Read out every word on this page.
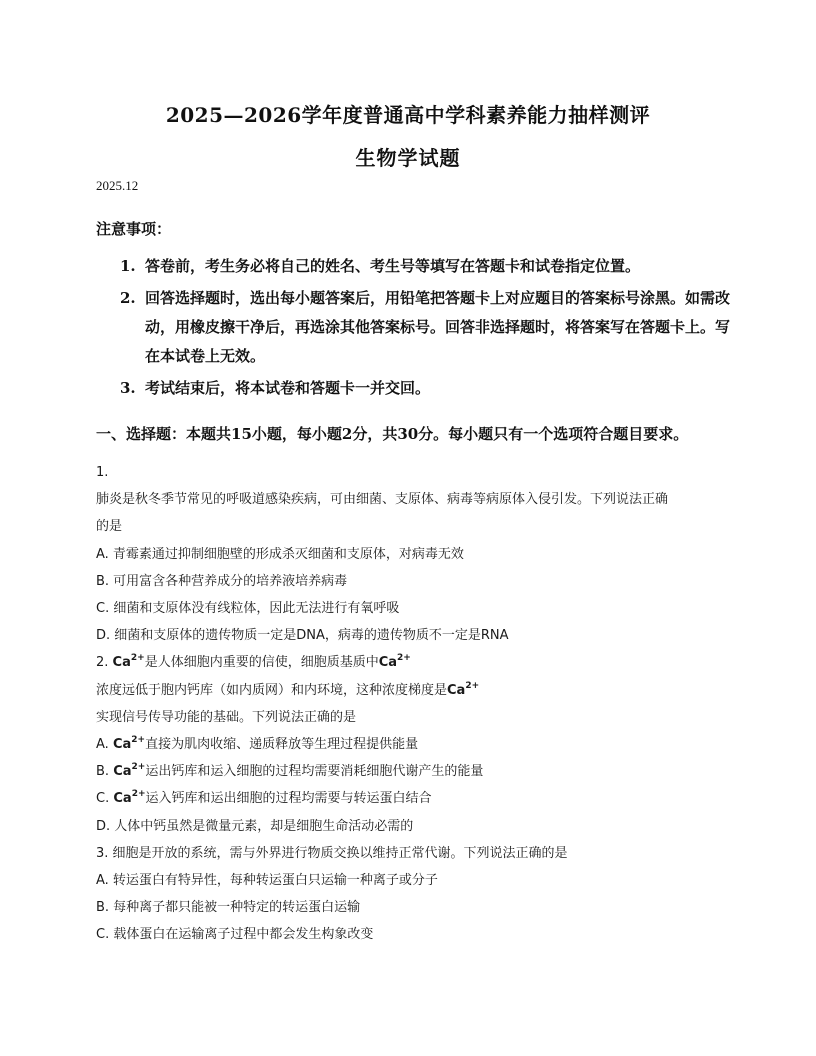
2025—2026学年度普通高中学科素养能力抽样测评
生物学试题
2025.12
注意事项：
1. 答卷前，考生务必将自己的姓名、考生号等填写在答题卡和试卷指定位置。
2. 回答选择题时，选出每小题答案后，用铅笔把答题卡上对应题目的答案标号涂黑。如需改动，用橡皮擦干净后，再选涂其他答案标号。回答非选择题时，将答案写在答题卡上。写在本试卷上无效。
3. 考试结束后，将本试卷和答题卡一并交回。
一、选择题：本题共15小题，每小题2分，共30分。每小题只有一个选项符合题目要求。
1.
肺炎是秋冬季节常见的呼吸道感染疾病，可由细菌、支原体、病毒等病原体入侵引发。下列说法正确
的是
A. 青霉素通过抑制细胞壁的形成杀灭细菌和支原体，对病毒无效
B. 可用富含各种营养成分的培养液培养病毒
C. 细菌和支原体没有线粒体，因此无法进行有氧呼吸
D. 细菌和支原体的遗传物质一定是DNA，病毒的遗传物质不一定是RNA
2. $Ca^{2+}$是人体细胞内重要的信使，细胞质基质中$Ca^{2+}$
浓度远低于胞内钙库（如内质网）和内环境，这种浓度梯度是$Ca^{2+}$
实现信号传导功能的基础。下列说法正确的是
A. $Ca^{2+}$直接为肌肉收缩、递质释放等生理过程提供能量
B. $Ca^{2+}$运出钙库和运入细胞的过程均需要消耗细胞代谢产生的能量
C. $Ca^{2+}$运入钙库和运出细胞的过程均需要与转运蛋白结合
D. 人体中钙虽然是微量元素，却是细胞生命活动必需的
3. 细胞是开放的系统，需与外界进行物质交换以维持正常代谢。下列说法正确的是
A. 转运蛋白有特异性，每种转运蛋白只运输一种离子或分子
B. 每种离子都只能被一种特定的转运蛋白运输
C. 载体蛋白在运输离子过程中都会发生构象改变
